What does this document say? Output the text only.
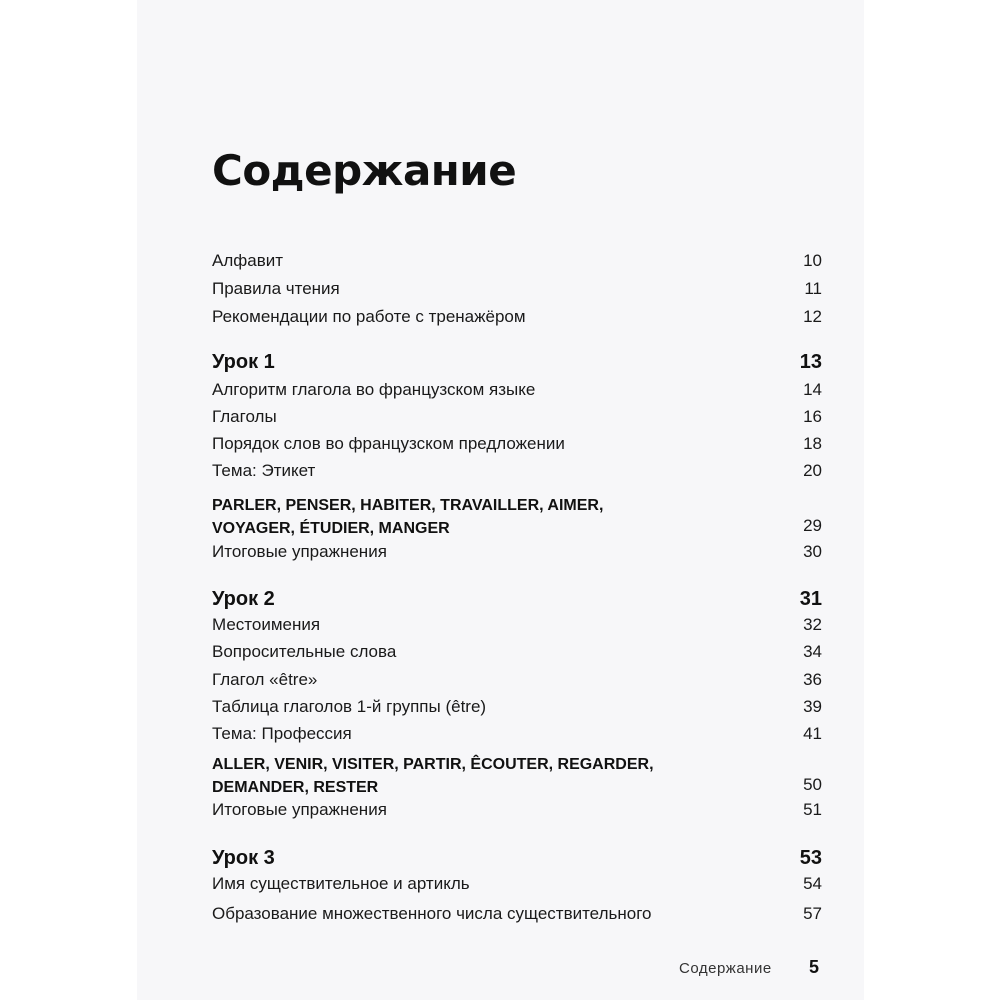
Содержание
Алфавит	10
Правила чтения	11
Рекомендации по работе с тренажёром	12
Урок 1	13
Алгоритм глагола во французском языке	14
Глаголы	16
Порядок слов во французском предложении	18
Тема: Этикет	20
PARLER, PENSER, HABITER, TRAVAILLER, AIMER,
VOYAGER, ÉTUDIER, MANGER	29
Итоговые упражнения	30
Урок 2	31
Местоимения	32
Вопросительные слова	34
Глагол «être»	36
Таблица глаголов 1-й группы (être)	39
Тема: Профессия	41
ALLER, VENIR, VISITER, PARTIR, ÊCOUTER, REGARDER,
DEMANDER, RESTER	50
Итоговые упражнения	51
Урок 3	53
Имя существительное и артикль	54
Образование множественного числа существительного	57
Содержание 5
